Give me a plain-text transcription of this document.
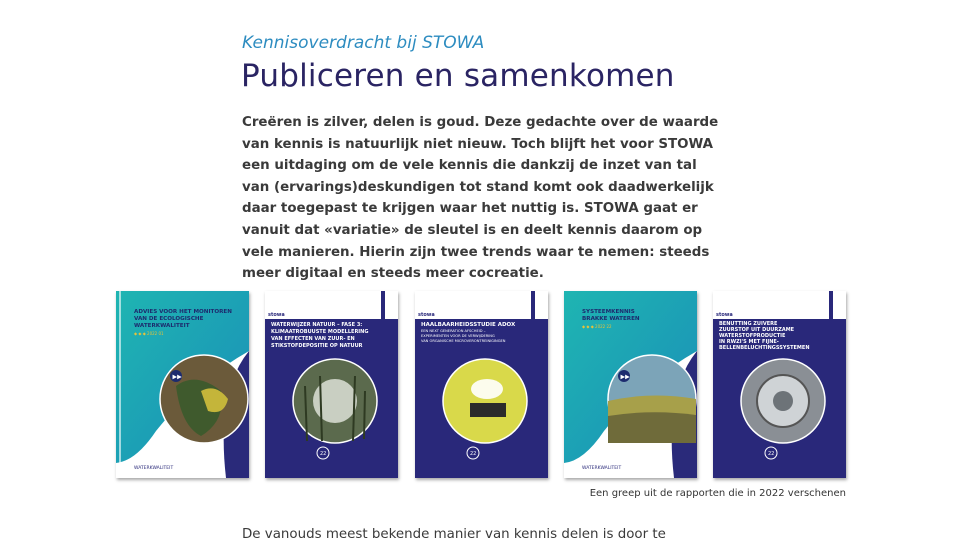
Kennisoverdracht bij STOWA
Publiceren en samenkomen
Creëren is zilver, delen is goud. Deze gedachte over de waarde van kennis is natuurlijk niet nieuw. Toch blijft het voor STOWA een uitdaging om de vele kennis die dankzij de inzet van tal van (ervarings)deskundigen tot stand komt ook daadwerkelijk daar toegepast te krijgen waar het nuttig is. STOWA gaat er vanuit dat «variatie» de sleutel is en deelt kennis daarom op vele manieren. Hierin zijn twee trends waar te nemen: steeds meer digitaal en steeds meer cocreatie.
ADVIES VOOR HET MONITOREN
VAN DE ECOLOGISCHE
WATERKWALITEIT
◆ ◆ ◆ 2022 01
▶▶
WATERKWALITEIT
stowa
WATERWIJZER NATUUR – FASE 3:
KLIMAATROBUUSTE MODELLERING
VAN EFFECTEN VAN ZUUR- EN
STIKSTOFDEPOSITIE OP NATUUR
22
stowa
HAALBAARHEIDSSTUDIE ADOX
EEN NEXT GENERATION AFSCHEID –
EXPERIMENTEN VOOR DE VERWIJDERING
VAN ORGANISCHE MICROVERONTREINIGINGEN
22
SYSTEEMKENNIS
BRAKKE WATEREN
◆ ◆ ◆ 2022 22
▶▶
WATERKWALITEIT
stowa
BENUTTING ZUIVERE
ZUURSTOF UIT DUURZAME
WATERSTOFPRODUCTIE
IN RWZI'S MET FIJNE-
BELLENBELUCHTINGSSYSTEMEN
22
Een greep uit de rapporten die in 2022 verschenen
De vanouds meest bekende manier van kennis delen is door te
